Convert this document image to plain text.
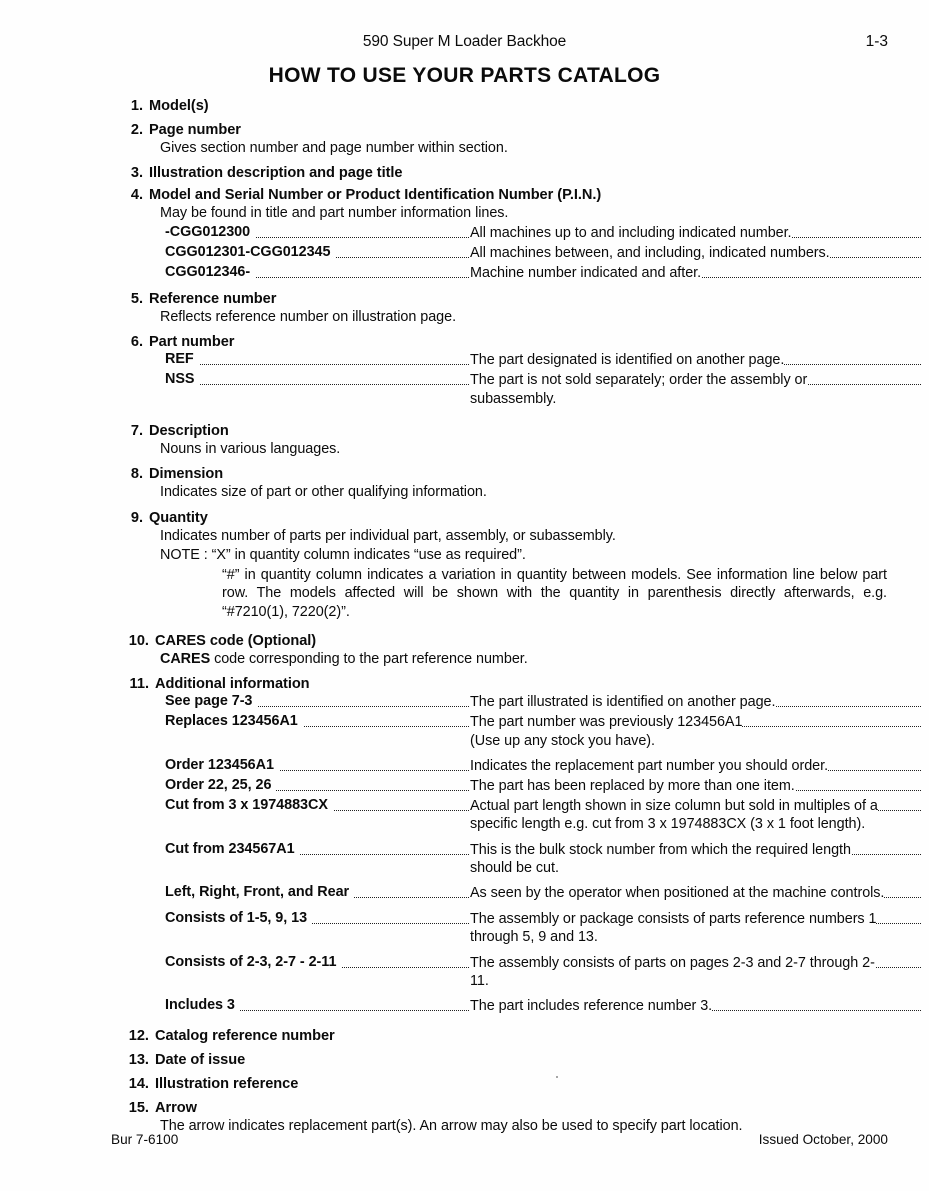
590 Super M Loader Backhoe	1-3
HOW TO USE YOUR PARTS CATALOG
1. Model(s)
2. Page number
Gives section number and page number within section.
3. Illustration description and page title
4. Model and Serial Number or Product Identification Number (P.I.N.)
May be found in title and part number information lines.
-CGG012300	All machines up to and including indicated number.
CGG012301-CGG012345	All machines between, and including, indicated numbers.
CGG012346-	Machine number indicated and after.
5. Reference number
Reflects reference number on illustration page.
6. Part number
REF	The part designated is identified on another page.
NSS	The part is not sold separately; order the assembly or
subassembly.
7. Description
Nouns in various languages.
8. Dimension
Indicates size of part or other qualifying information.
9. Quantity
Indicates number of parts per individual part, assembly, or subassembly.
NOTE : “X” in quantity column indicates “use as required”.
“#” in quantity column indicates a variation in quantity between models. See information line below part row. The models affected will be shown with the quantity in parenthesis directly afterwards, e.g. “#7210(1), 7220(2)”.
10. CARES code (Optional)
CARES code corresponding to the part reference number.
11. Additional information
See page 7-3	The part illustrated is identified on another page.
Replaces 123456A1	The part number was previously 123456A1
(Use up any stock you have).
Order 123456A1	Indicates the replacement part number you should order.
Order 22, 25, 26	The part has been replaced by more than one item.
Cut from 3 x 1974883CX	Actual part length shown in size column but sold in multiples of a specific length e.g. cut from 3 x 1974883CX (3 x 1 foot length).
Cut from 234567A1	This is the bulk stock number from which the required length should be cut.
Left, Right, Front, and Rear	As seen by the operator when positioned at the machine controls.
Consists of 1-5, 9, 13	The assembly or package consists of parts reference numbers 1 through 5, 9 and 13.
Consists of 2-3, 2-7 - 2-11	The assembly consists of parts on pages 2-3 and 2-7 through 2-11.
Includes 3	The part includes reference number 3.
12. Catalog reference number
13. Date of issue
14. Illustration reference
15. Arrow
The arrow indicates replacement part(s). An arrow may also be used to specify part location.
Bur 7-6100	Issued October, 2000
